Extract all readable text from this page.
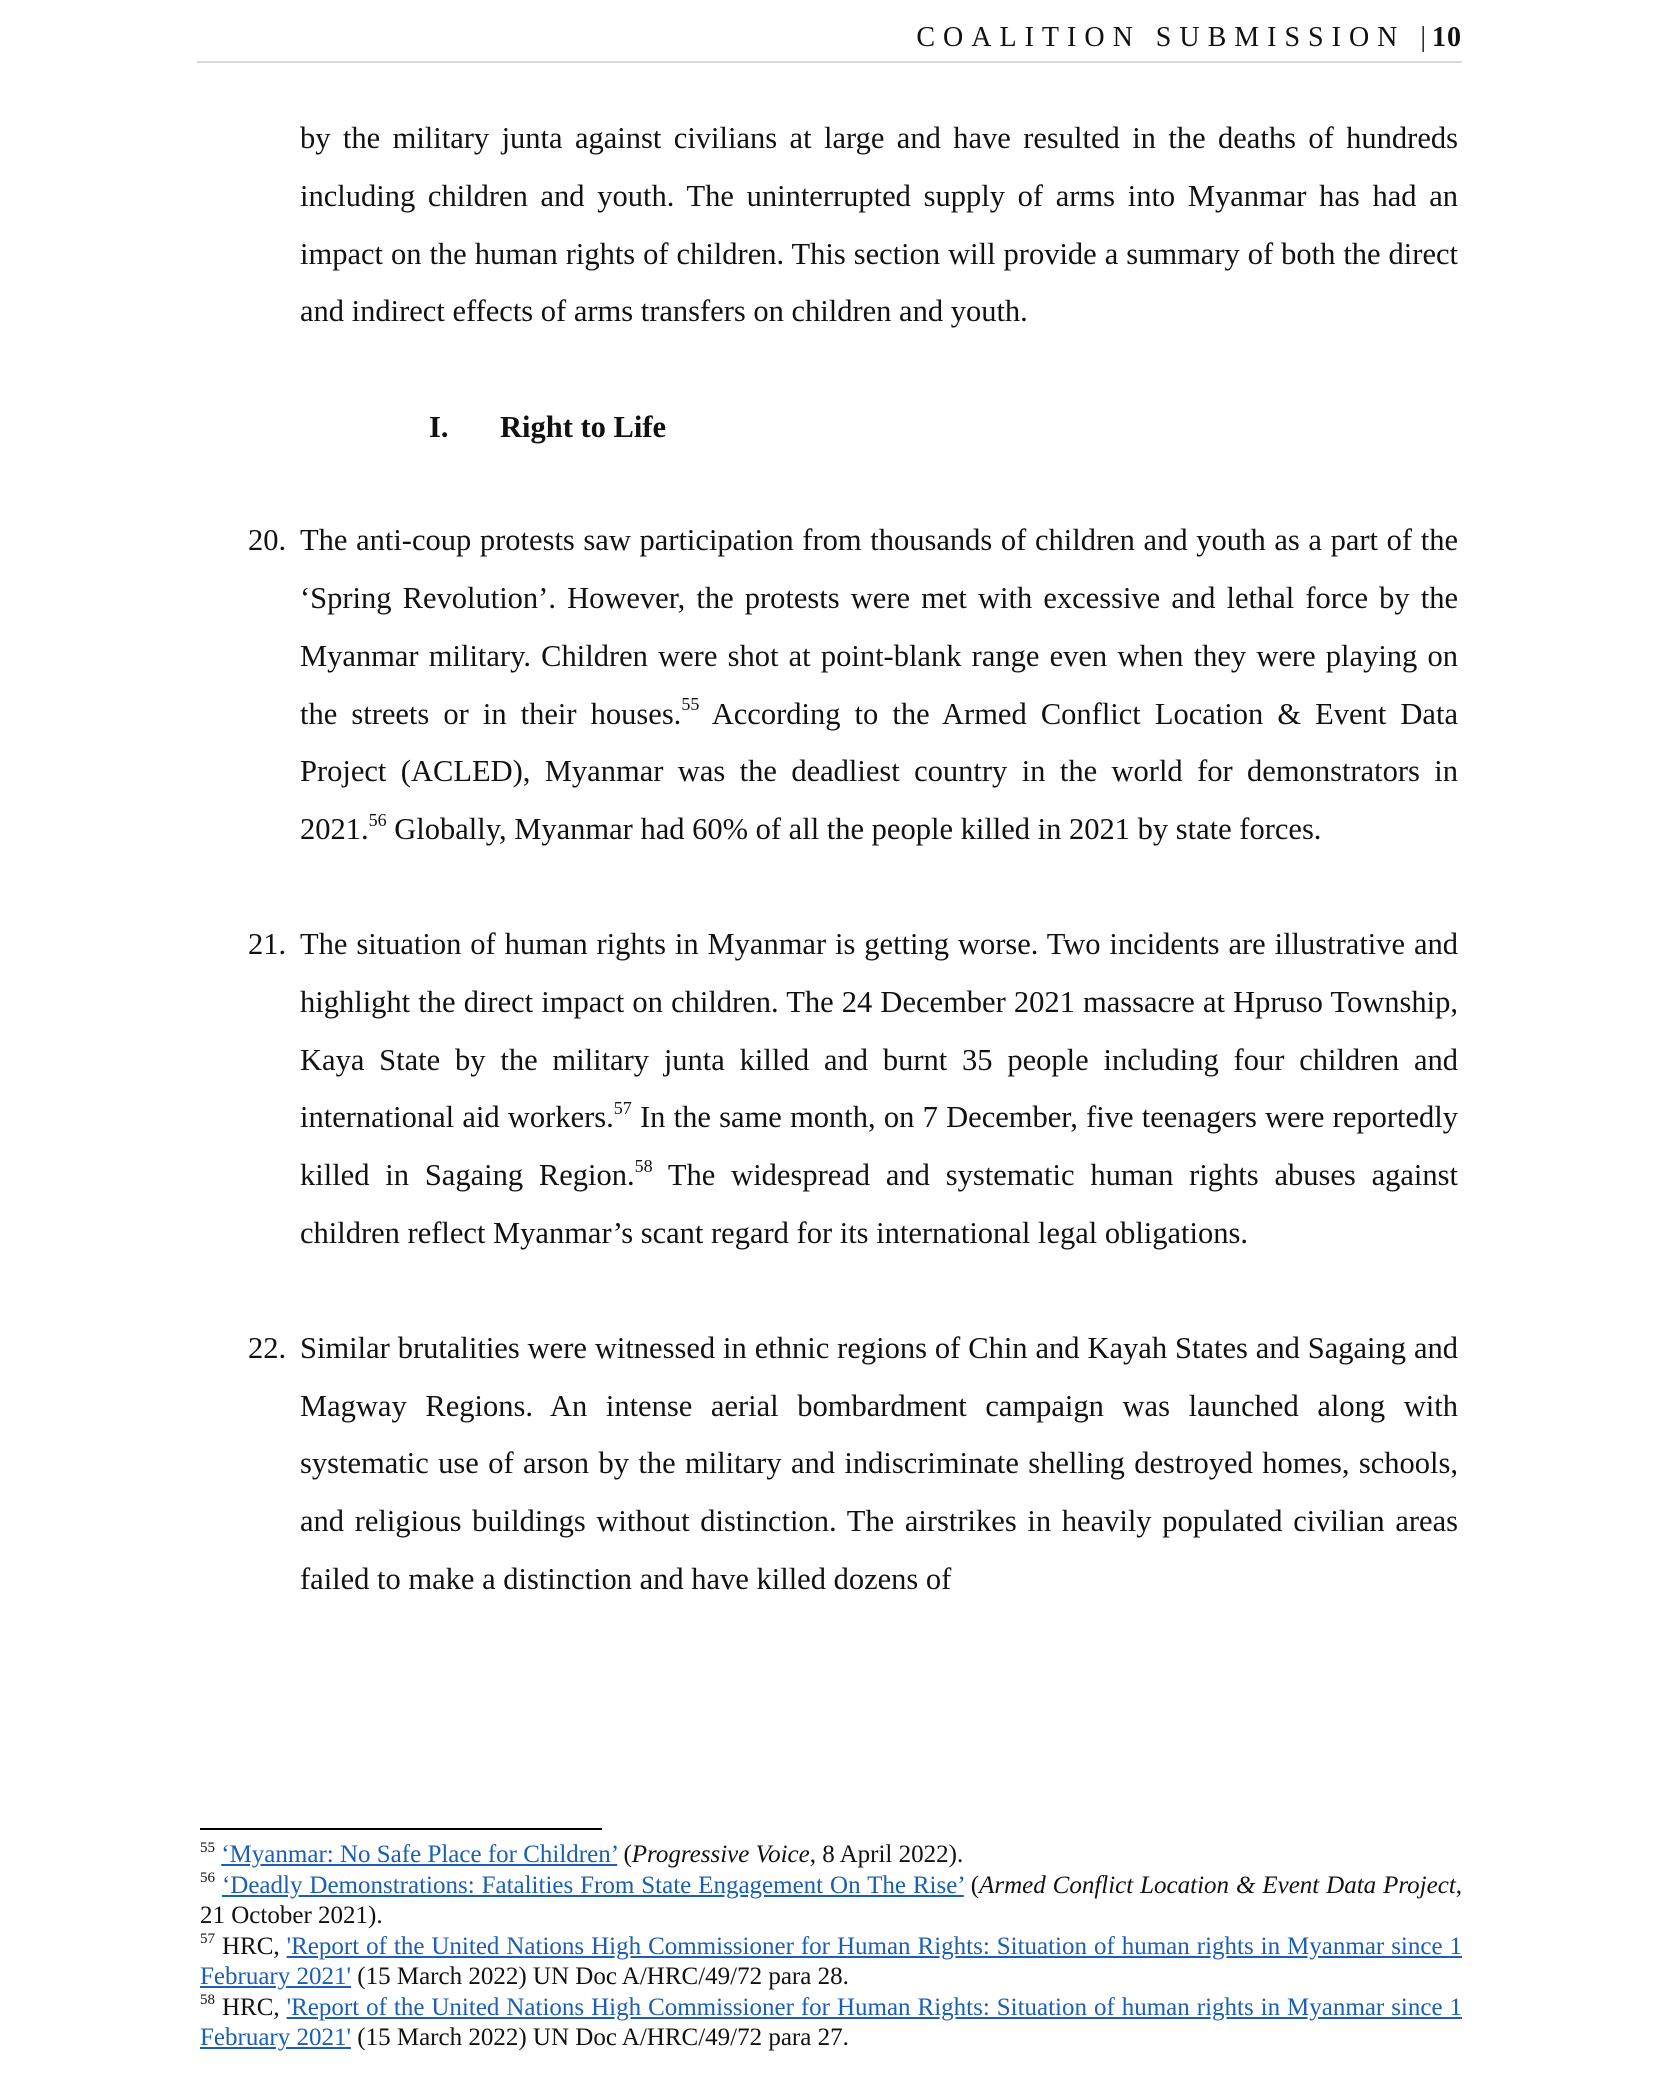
COALITION SUBMISSION | 10

by the military junta against civilians at large and have resulted in the deaths of hundreds including children and youth. The uninterrupted supply of arms into Myanmar has had an impact on the human rights of children. This section will provide a summary of both the direct and indirect effects of arms transfers on children and youth.

I. Right to Life
20. The anti-coup protests saw participation from thousands of children and youth as a part of the ‘Spring Revolution’. However, the protests were met with excessive and lethal force by the Myanmar military. Children were shot at point-blank range even when they were playing on the streets or in their houses.$^{55}$ According to the Armed Conflict Location & Event Data Project (ACLED), Myanmar was the deadliest country in the world for demonstrators in 2021.56 Globally, Myanmar had 60% of all the people killed in 2021 by state forces.

21. The situation of human rights in Myanmar is getting worse. Two incidents are illustrative and highlight the direct impact on children. The 24 December 2021 massacre at Hpruso Township, Kaya State by the military junta killed and burnt 35 people including four children and international aid workers.$^{57}$ In the same month, on 7 December, five teenagers were reportedly killed in Sagaing Region.$^{58}$ The widespread and systematic human rights abuses against children reflect Myanmar’s scant regard for its international legal obligations.

22. Similar brutalities were witnessed in ethnic regions of Chin and Kayah States and Sagaing and Magway Regions. An intense aerial bombardment campaign was launched along with systematic use of arson by the military and indiscriminate shelling destroyed homes, schools, and religious buildings without distinction. The airstrikes in heavily populated civilian areas failed to make a distinction and have killed dozens of

$^{55}$ ‘Myanmar: No Safe Place for Children’ (Progressive Voice, 8 April 2022).

$^{56}$ ‘Deadly Demonstrations: Fatalities From State Engagement On The Rise’ (Armed Conflict Location & Event Data Project, 21 October 2021).

$^{57}$ HRC, 'Report of the United Nations High Commissioner for Human Rights: Situation of human rights in Myanmar since 1 February 2021' (15 March 2022) UN Doc A/HRC/49/72 para 28.

$^{58}$ HRC, 'Report of the United Nations High Commissioner for Human Rights: Situation of human rights in Myanmar since 1 February 2021' (15 March 2022) UN Doc A/HRC/49/72 para 27.
